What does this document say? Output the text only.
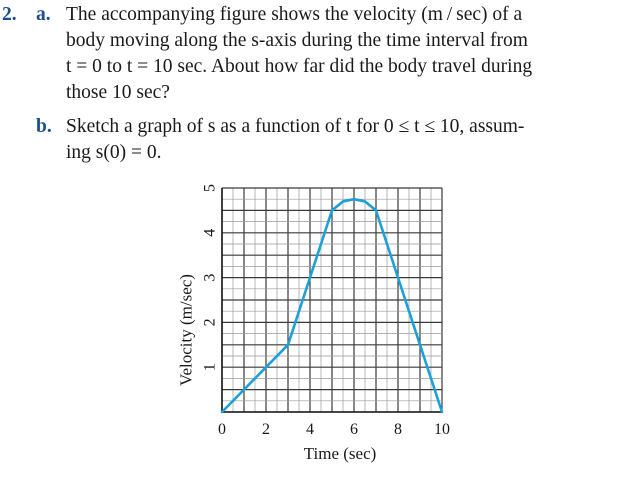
2. a. The accompanying figure shows the velocity (m / sec) of a
body moving along the s-axis during the time interval from
t = 0 to t = 10 sec. About how far did the body travel during
those 10 sec?
b. Sketch a graph of s as a function of t for 0 ≤ t ≤ 10, assum-
ing s(0) = 0.
0 2 4 6 8 10
1
2
3
4
5
Time (sec)
Velocity (m/sec)
